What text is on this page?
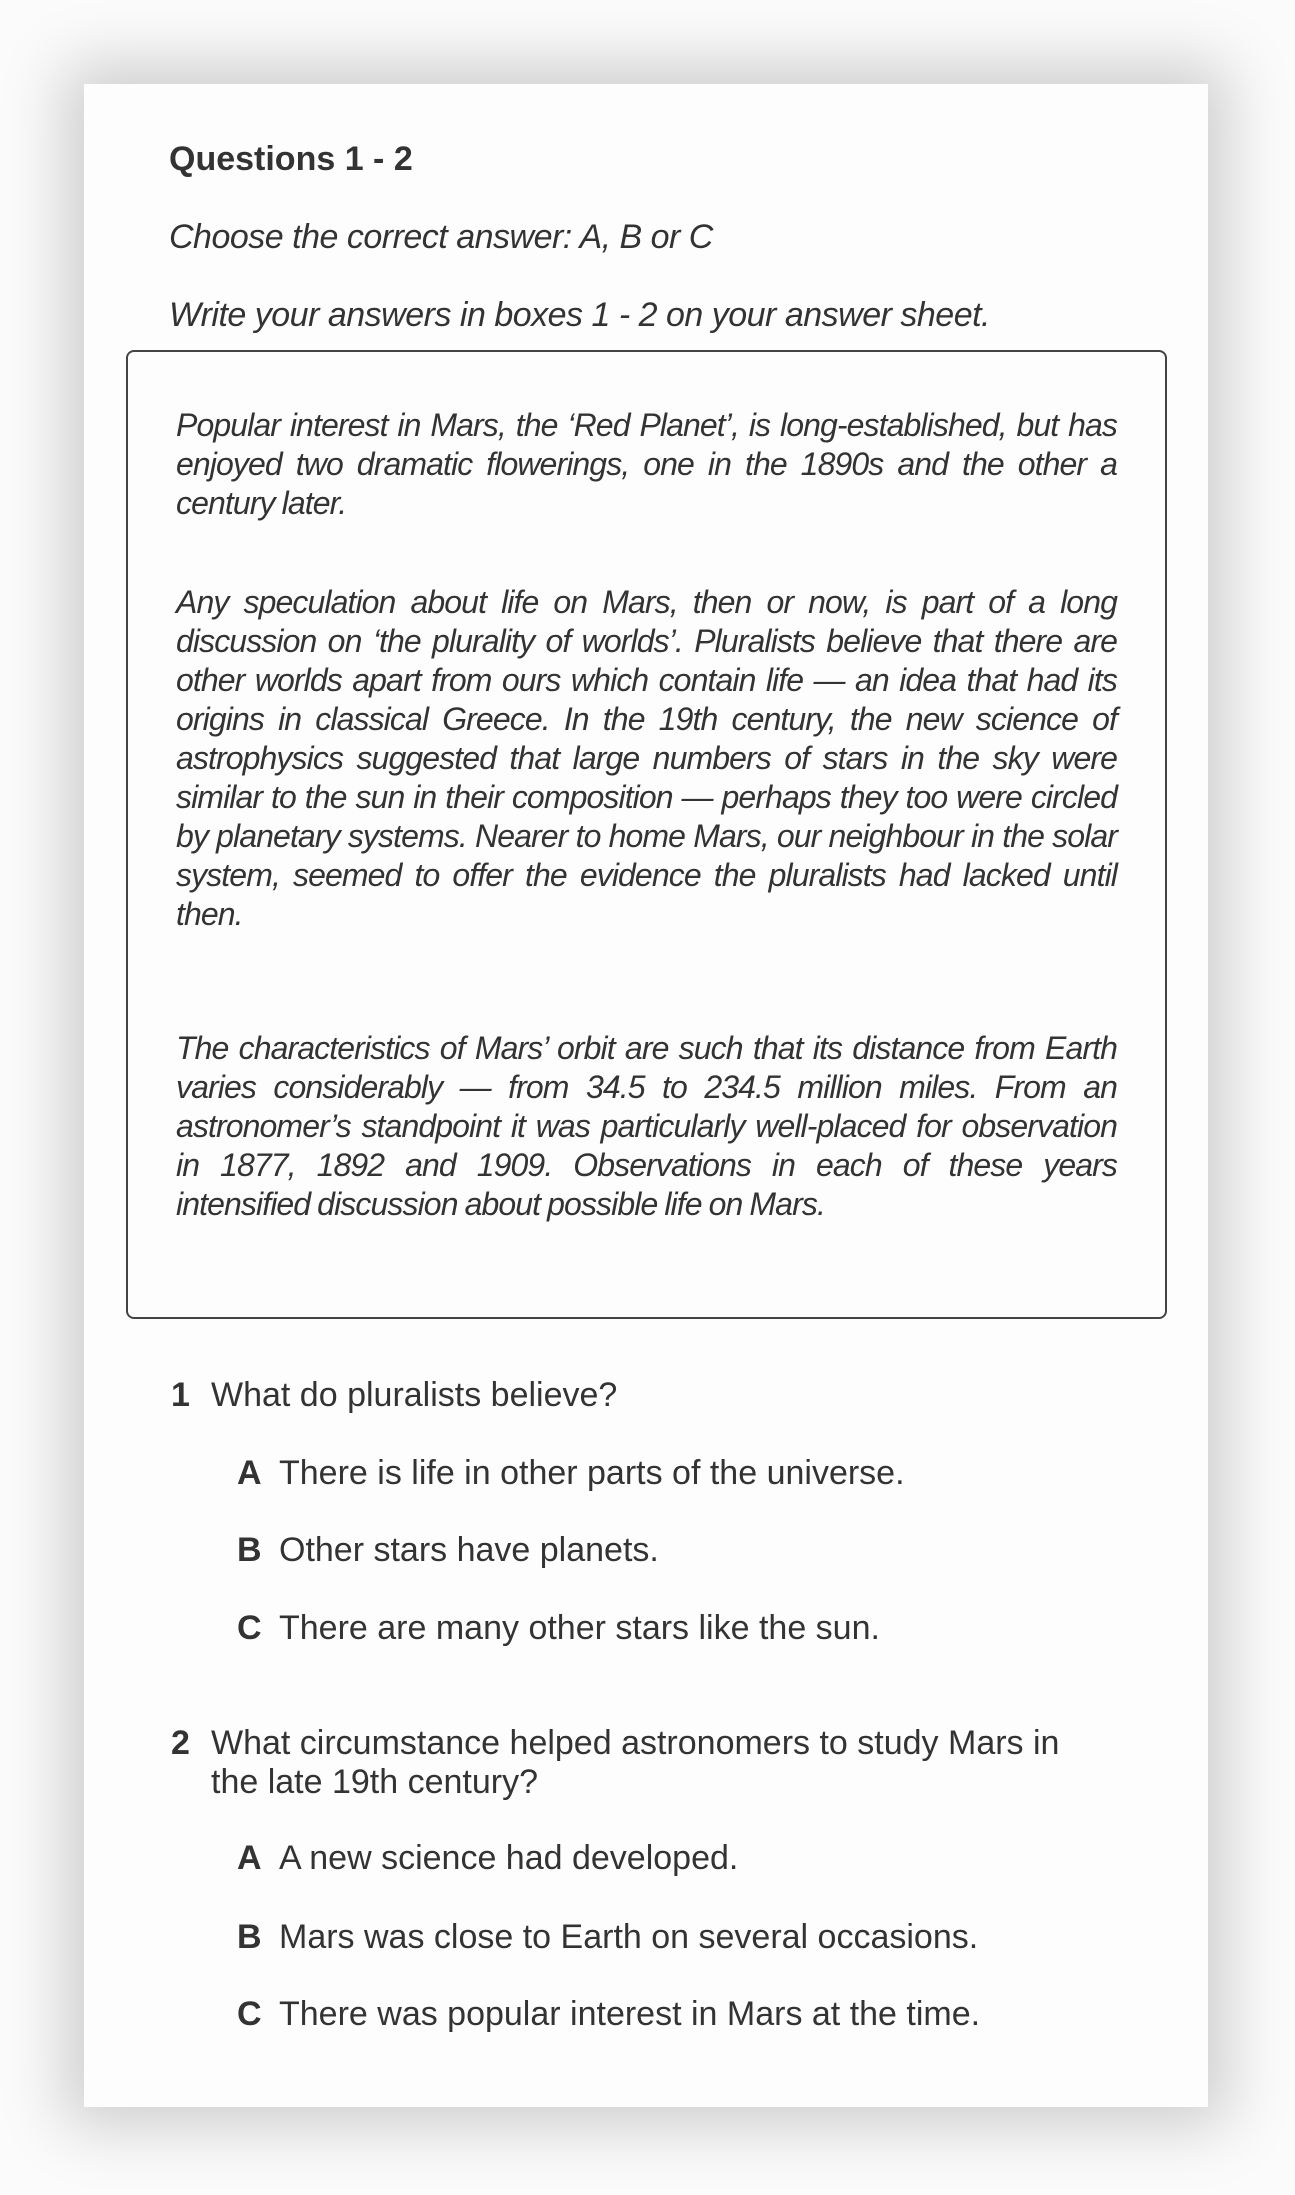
Questions 1 - 2
Choose the correct answer: A, B or C
Write your answers in boxes 1 - 2 on your answer sheet.
Popular interest in Mars, the ‘Red Planet’, is long-established, but has enjoyed two dramatic flowerings, one in the 1890s and the other a century later.
Any speculation about life on Mars, then or now, is part of a long discussion on ‘the plurality of worlds’. Pluralists believe that there are other worlds apart from ours which contain life — an idea that had its origins in classical Greece. In the 19th century, the new science of astrophysics suggested that large numbers of stars in the sky were similar to the sun in their composition — perhaps they too were circled by planetary systems. Nearer to home Mars, our neighbour in the solar system, seemed to offer the evidence the pluralists had lacked until then.
The characteristics of Mars’ orbit are such that its distance from Earth varies considerably — from 34.5 to 234.5 million miles. From an astronomer’s standpoint it was particularly well-placed for observation in 1877, 1892 and 1909. Observations in each of these years intensified discussion about possible life on Mars.
1 What do pluralists believe?
A There is life in other parts of the universe.
B Other stars have planets.
C There are many other stars like the sun.
2 What circumstance helped astronomers to study Mars in the late 19th century?
A A new science had developed.
B Mars was close to Earth on several occasions.
C There was popular interest in Mars at the time.
